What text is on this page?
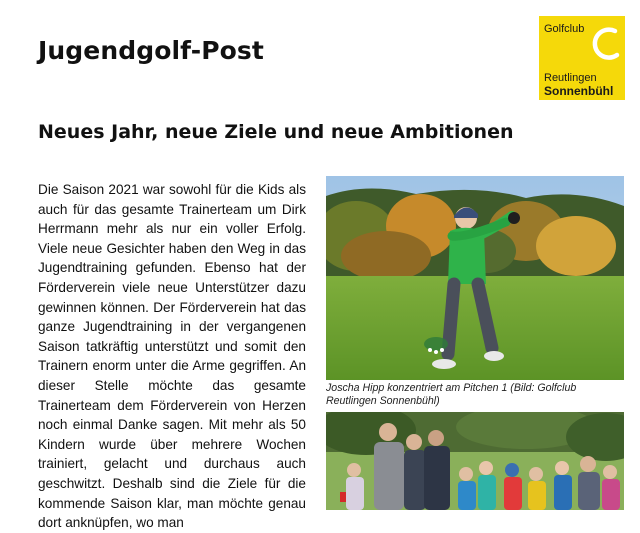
Jugendgolf-Post
Golfclub
Reutlingen
Sonnenbühl
Neues Jahr, neue Ziele und neue Ambitionen

Die Saison 2021 war sowohl für die Kids als auch für das gesamte Trainerteam um Dirk Herrmann mehr als nur ein voller Erfolg. Viele neue Gesichter haben den Weg in das Jugendtraining gefunden. Ebenso hat der Förderverein viele neue Unterstützer dazu gewinnen können. Der Förderverein hat das ganze Jugendtraining in der vergangenen Saison tatkräftig unterstützt und somit den Trainern enorm unter die Arme gegriffen. An dieser Stelle möchte das gesamte Trainerteam dem Förderverein von Herzen noch einmal Danke sagen. Mit mehr als 50 Kindern wurde über mehrere Wochen trainiert, gelacht und durchaus auch geschwitzt. Deshalb sind die Ziele für die kommende Saison klar, man möchte genau dort anknüpfen, wo man

Joscha Hipp konzentriert am Pitchen 1 (Bild: Golfclub Reutlingen Sonnenbühl)
